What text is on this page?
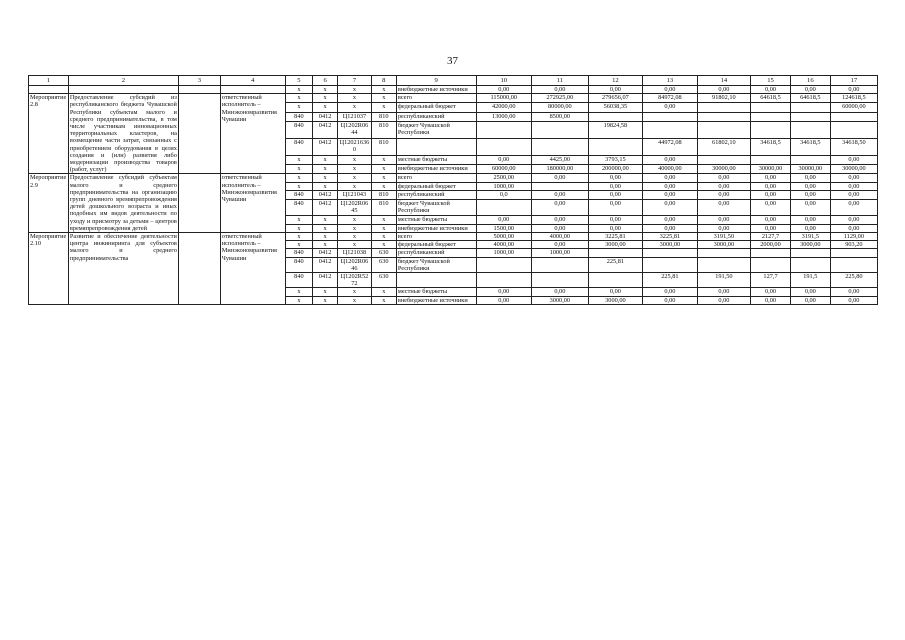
37
1	2	3	4	5	6	7	8	9	10	11	12	13	14	15	16	17
				x	x	x	x	внебюджетные источники	0,00	0,00	0,00	0,00	0,00	0,00	0,00	0,00
Мероприятие 2.8	Предоставление субсидий из республиканского бюджета Чувашской Республики субъектам малого и среднего предпринимательства, в том числе участникам инновационных территориальных кластеров, на возмещение части затрат, связанных с приобретением оборудования в целях создания и (или) развития либо модернизации производства товаров (работ, услуг)		ответственный исполнитель – Минэкономразвития Чувашии	x	x	x	x	всего	115000,00	272925,00	279656,07	84972,08	91802,10	64618,5	64618,5	124618,5
				x	x	x	x	федеральный бюджет	42000,00	80000,00	56038,35	0,00				60000,00
				840	0412	Ц121037	810	республиканский	13000,00	8500,00						
				840	0412	Ц1202R0644	810	бюджет Чувашской Республики			19824,58					
				840	0412	Ц120216360	810					44972,08	61802,10	34618,5	34618,5	34618,50
				x	x	x	x	местные бюджеты	0,00	4425,00	3793,15	0,00				0,00
				x	x	x	x	внебюджетные источники	60000,00	180000,00	200000,00	40000,00	30000,00	30000,00	30000,00	30000,00
Мероприятие 2.9	Предоставление субсидий субъектам малого и среднего предпринимательства на организацию групп дневного времяпрепровождения детей дошкольного возраста и иных подобных им видов деятельности по уходу и присмотру за детьми – центров времяпрепровождения детей		ответственный исполнитель – Минэкономразвития Чувашии	x	x	x	x	всего	2500,00	0,00	0,00	0,00	0,00	0,00	0,00	0,00
				x	x	x	x	федеральный бюджет	1000,00		0,00	0,00	0,00	0,00	0,00	0,00
				840	0412	Ц121043	810	республиканский	0,0	0,00	0,00	0,00	0,00	0,00	0,00	0,00
				840	0412	Ц1202R0645	810	бюджет Чувашской Республики		0,00	0,00	0,00	0,00	0,00	0,00	0,00
				x	x	x	x	местные бюджеты	0,00	0,00	0,00	0,00	0,00	0,00	0,00	0,00
				x	x	x	x	внебюджетные источники	1500,00	0,00	0,00	0,00	0,00	0,00	0,00	0,00
Мероприятие 2.10	Развитие и обеспечение деятельности центра инжиниринга для субъектов малого и среднего предпринимательства		ответственный исполнитель – Минэкономразвития Чувашии	x	x	x	x	всего	5000,00	4000,00	3225,81	3225,81	3191,50	2127,7	3191,5	1129,00
				x	x	x	x	федеральный бюджет	4000,00	0,00	3000,00	3000,00	3000,00	2000,00	3000,00	903,20
				840	0412	Ц121038	630	республиканский	1000,00	1000,00						
				840	0412	Ц1202R0646	630	бюджет Чувашской Республики			225,81					
				840	0412	Ц1202R5272	630					225,81	191,50	127,7	191,5	225,80
				x	x	x	x	местные бюджеты	0,00	0,00	0,00	0,00	0,00	0,00	0,00	0,00
				x	x	x	x	внебюджетные источники	0,00	3000,00	3000,00	0,00	0,00	0,00	0,00	0,00
